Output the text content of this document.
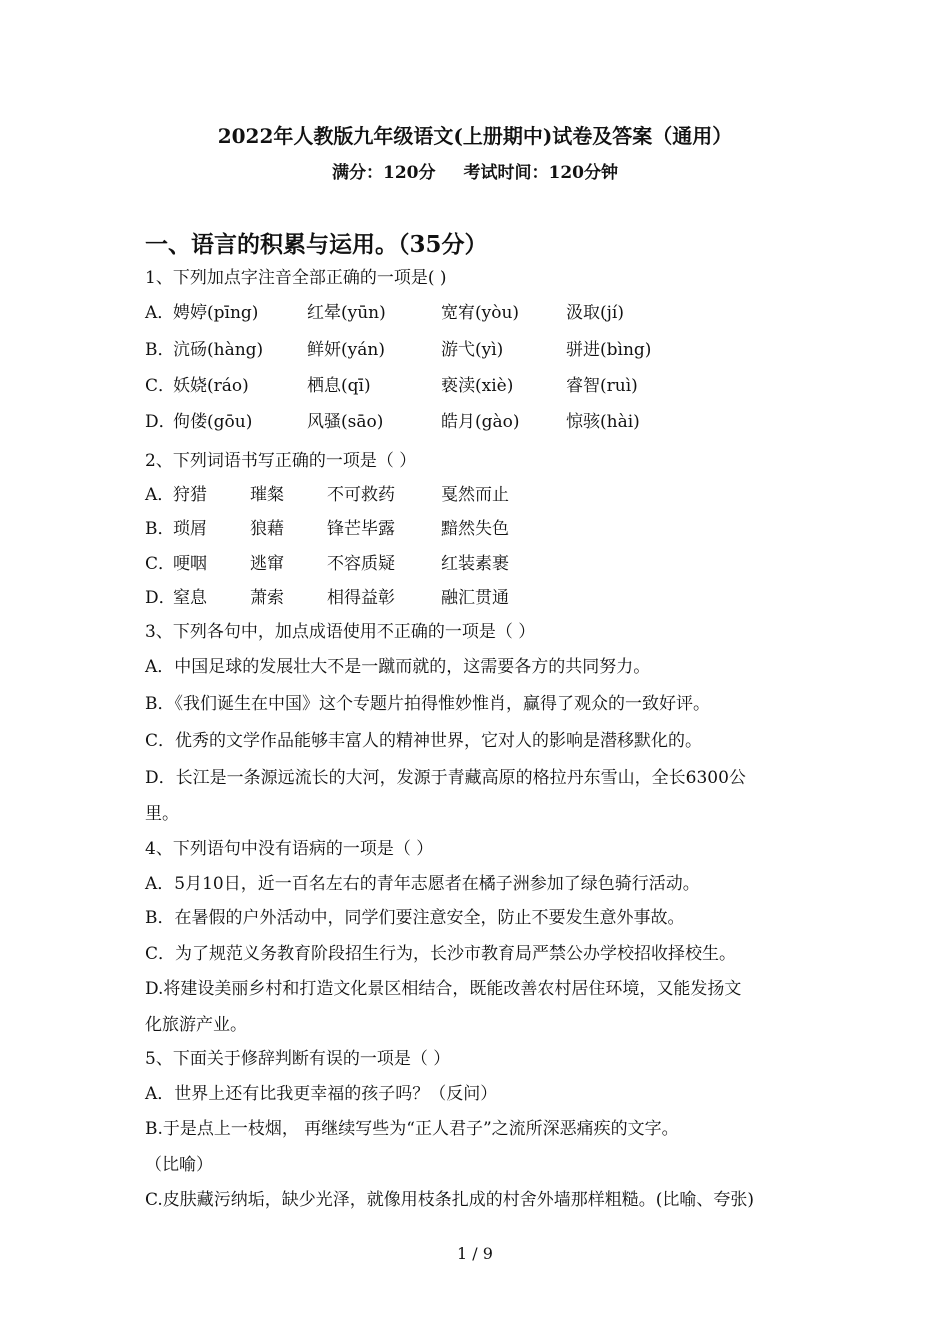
2022年人教版九年级语文(上册期中)试卷及答案（通用）
满分：120分 考试时间：120分钟
一、语言的积累与运用。（35分）
1、下列加点字注音全部正确的一项是( )
A．
娉婷(pīng)	红晕(yūn)	宽宥(yòu)	汲取(jí)
B．
沆砀(hàng)	鲜妍(yán)	游弋(yì)	骈进(bìng)
C．
妖娆(ráo)	栖息(qī)	亵渎(xiè)	睿智(ruì)
D．
佝偻(gōu)	风骚(sāo)	皓月(gào)	惊骇(hài)
2、下列词语书写正确的一项是（ ）
A．
狩猎	璀粲	不可救药	戛然而止
B．
琐屑	狼藉	锋芒毕露	黯然失色
C．
哽咽	逃窜	不容质疑	红装素裹
D．
窒息	萧索	相得益彰	融汇贯通
3、下列各句中，加点成语使用不正确的一项是（ ）
A．中国足球的发展壮大不是一蹴而就的，这需要各方的共同努力。
B．《我们诞生在中国》这个专题片拍得惟妙惟肖，赢得了观众的一致好评。
C．优秀的文学作品能够丰富人的精神世界，它对人的影响是潜移默化的。
D．长江是一条源远流长的大河，发源于青藏高原的格拉丹东雪山，全长6300公
里。
4、下列语句中没有语病的一项是（ ）
A．5月10日，近一百名左右的青年志愿者在橘子洲参加了绿色骑行活动。
B．在暑假的户外活动中，同学们要注意安全，防止不要发生意外事故。
C．为了规范义务教育阶段招生行为，长沙市教育局严禁公办学校招收择校生。
D.将建设美丽乡村和打造文化景区相结合，既能改善农村居住环境，又能发扬文
化旅游产业。
5、下面关于修辞判断有误的一项是（ ）
A．世界上还有比我更幸福的孩子吗？（反问）
B.于是点上一枝烟， 再继续写些为“正人君子”之流所深恶痛疾的文字。
（比喻）
C.皮肤藏污纳垢，缺少光泽，就像用枝条扎成的村舍外墙那样粗糙。(比喻、夸张)
1 / 9
